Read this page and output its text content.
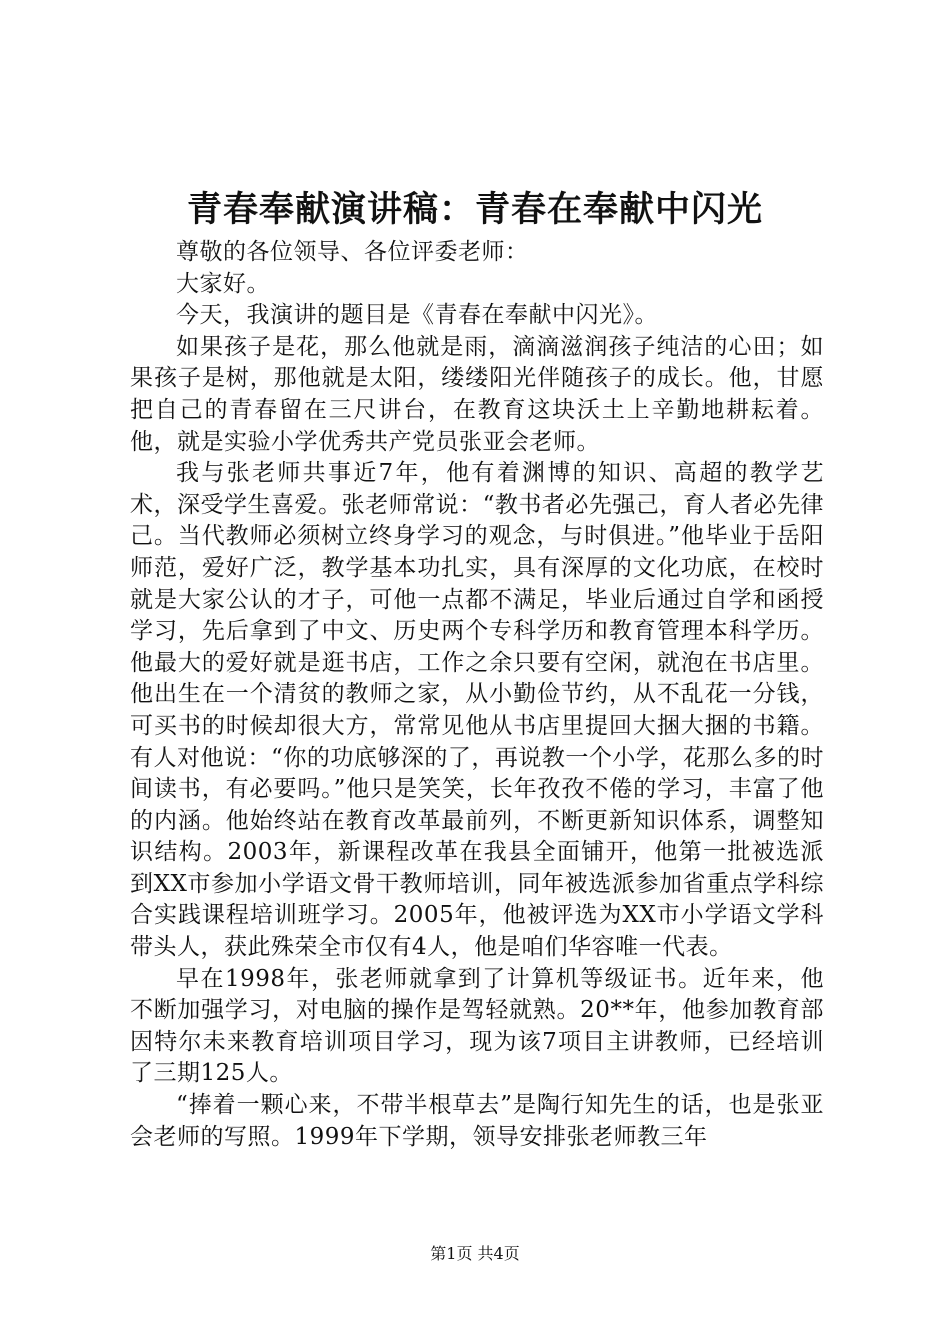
青春奉献演讲稿：青春在奉献中闪光

尊敬的各位领导、各位评委老师：

大家好。

今天，我演讲的题目是《青春在奉献中闪光》。

如果孩子是花，那么他就是雨，滴滴滋润孩子纯洁的心田；如果孩子是树，那他就是太阳，缕缕阳光伴随孩子的成长。他，甘愿把自己的青春留在三尺讲台，在教育这块沃土上辛勤地耕耘着。他，就是实验小学优秀共产党员张亚会老师。

我与张老师共事近7年，他有着渊博的知识、高超的教学艺术，深受学生喜爱。张老师常说：“教书者必先强己，育人者必先律己。当代教师必须树立终身学习的观念，与时俱进。”他毕业于岳阳师范，爱好广泛，教学基本功扎实，具有深厚的文化功底，在校时就是大家公认的才子，可他一点都不满足，毕业后通过自学和函授学习，先后拿到了中文、历史两个专科学历和教育管理本科学历。他最大的爱好就是逛书店，工作之余只要有空闲，就泡在书店里。他出生在一个清贫的教师之家，从小勤俭节约，从不乱花一分钱，可买书的时候却很大方，常常见他从书店里提回大捆大捆的书籍。有人对他说：“你的功底够深的了，再说教一个小学，花那么多的时间读书，有必要吗。”他只是笑笑，长年孜孜不倦的学习，丰富了他的内涵。他始终站在教育改革最前列，不断更新知识体系，调整知识结构。2003年，新课程改革在我县全面铺开，他第一批被选派到XX市参加小学语文骨干教师培训，同年被选派参加省重点学科综合实践课程培训班学习。2005年，他被评选为XX市小学语文学科带头人，获此殊荣全市仅有4人，他是咱们华容唯一代表。

早在1998年，张老师就拿到了计算机等级证书。近年来，他不断加强学习，对电脑的操作是驾轻就熟。20**年，他参加教育部因特尔未来教育培训项目学习，现为该7项目主讲教师，已经培训了三期125人。

“捧着一颗心来，不带半根草去”是陶行知先生的话，也是张亚会老师的写照。1999年下学期，领导安排张老师教三年

第1页 共4页
